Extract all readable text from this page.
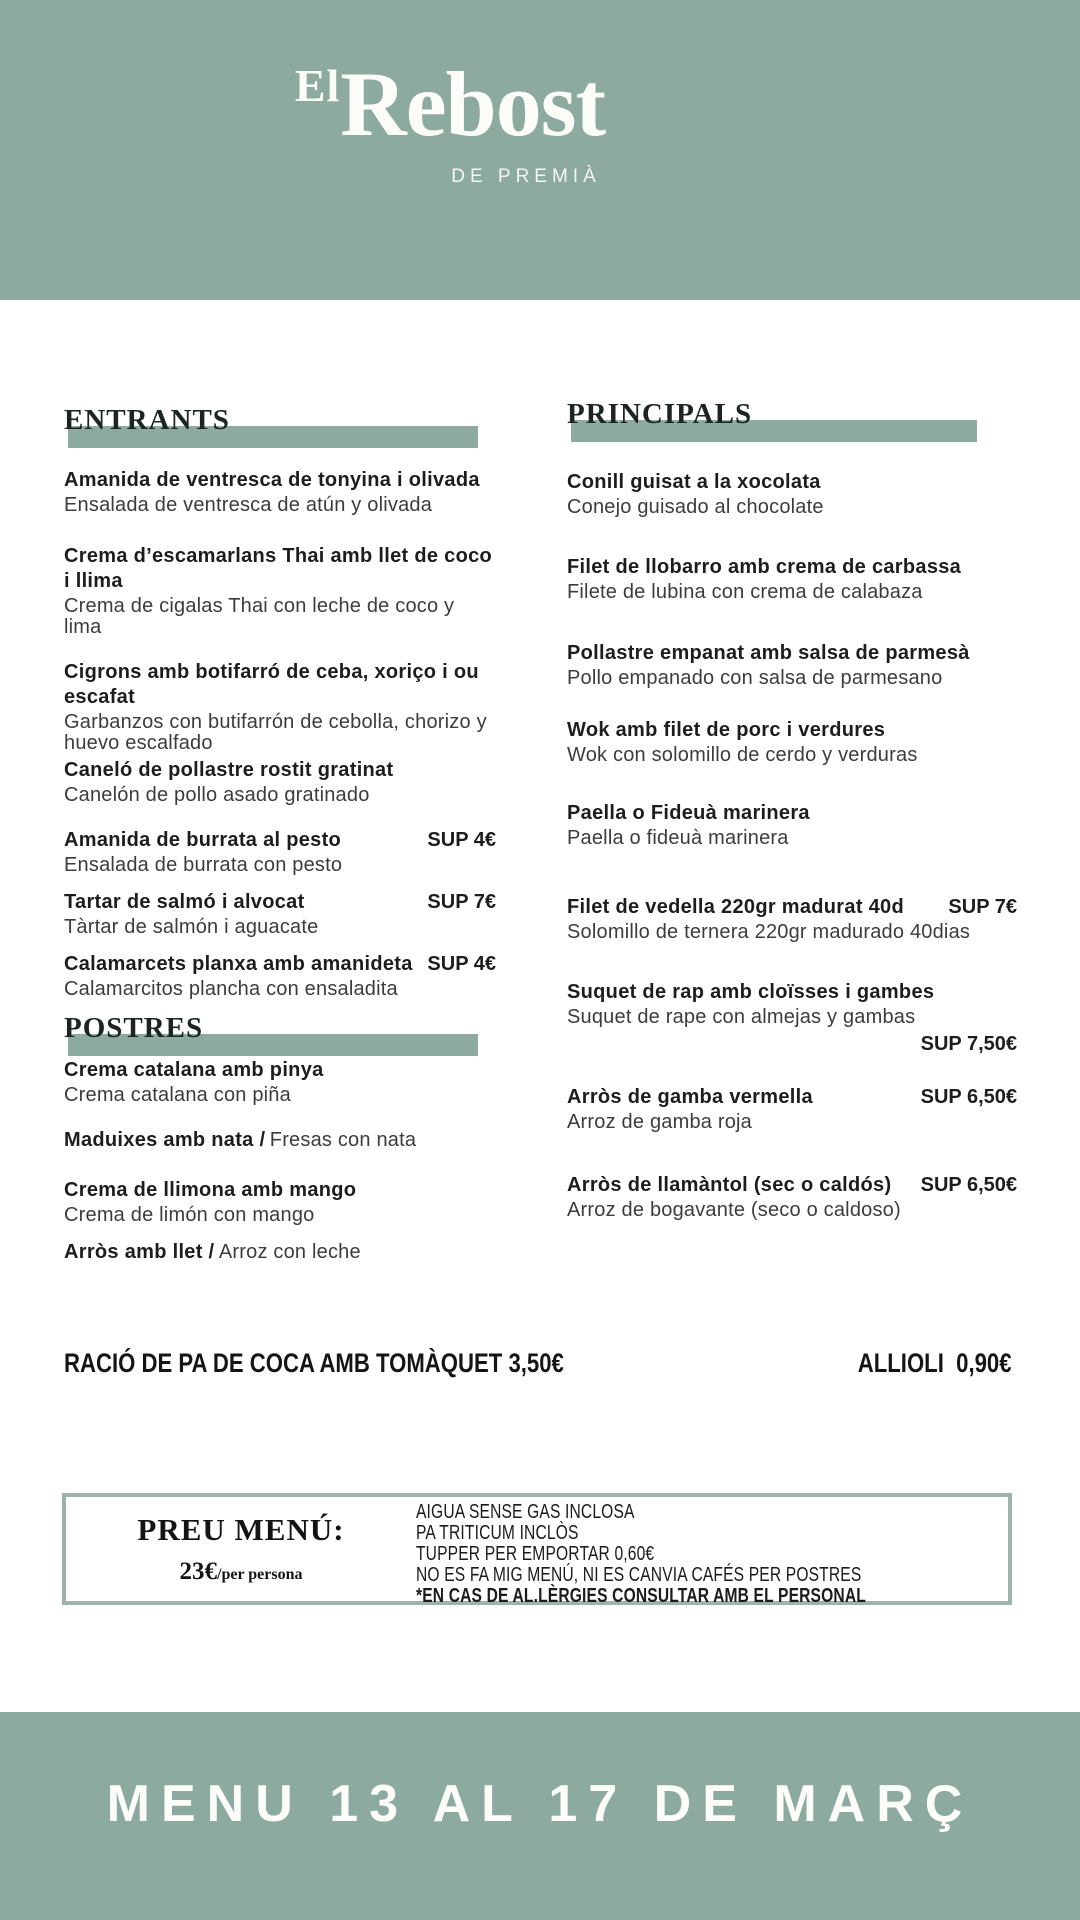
ElRebost
DE PREMIÀ
ENTRANTS
Amanida de ventresca de tonyina i olivada
Ensalada de ventresca de atún y olivada
Crema d’escamarlans Thai amb llet de coco i llima
Crema de cigalas Thai con leche de coco y lima
Cigrons amb botifarró de ceba, xoriço i ou escafat
Garbanzos con butifarrón de cebolla, chorizo y huevo escalfado
Caneló de pollastre rostit gratinat
Canelón de pollo asado gratinado
Amanida de burrata al pesto	SUP 4€
Ensalada de burrata con pesto
Tartar de salmó i alvocat	SUP 7€
Tàrtar de salmón i aguacate
Calamarcets planxa amb amanideta SUP 4€
Calamarcitos plancha con ensaladita
POSTRES
Crema catalana amb pinya
Crema catalana con piña
Maduixes amb nata / Fresas con nata
Crema de llimona amb mango
Crema de limón con mango
Arròs amb llet / Arroz con leche
PRINCIPALS
Conill guisat a la xocolata
Conejo guisado al chocolate
Filet de llobarro amb crema de carbassa
Filete de lubina con crema de calabaza
Pollastre empanat amb salsa de parmesà
Pollo empanado con salsa de parmesano
Wok amb filet de porc i verdures
Wok con solomillo de cerdo y verduras
Paella o Fideuà marinera
Paella o fideuà marinera
Filet de vedella 220gr madurat 40d	SUP 7€
Solomillo de ternera 220gr madurado 40dias
Suquet de rap amb cloïsses i gambes
Suquet de rape con almejas y gambas
SUP 7,50€
Arròs de gamba vermella	SUP 6,50€
Arroz de gamba roja
Arròs de llamàntol (sec o caldós)	SUP 6,50€
Arroz de bogavante (seco o caldoso)
RACIÓ DE PA DE COCA AMB TOMÀQUET 3,50€	ALLIOLI  0,90€
PREU MENÚ:
23€/per persona
AIGUA SENSE GAS INCLOSA
PA TRITICUM INCLÒS
TUPPER PER EMPORTAR 0,60€
NO ES FA MIG MENÚ, NI ES CANVIA CAFÉS PER POSTRES
*EN CAS DE AL.LÈRGIES CONSULTAR AMB EL PERSONAL
MENU 13 AL 17 DE MARÇ
